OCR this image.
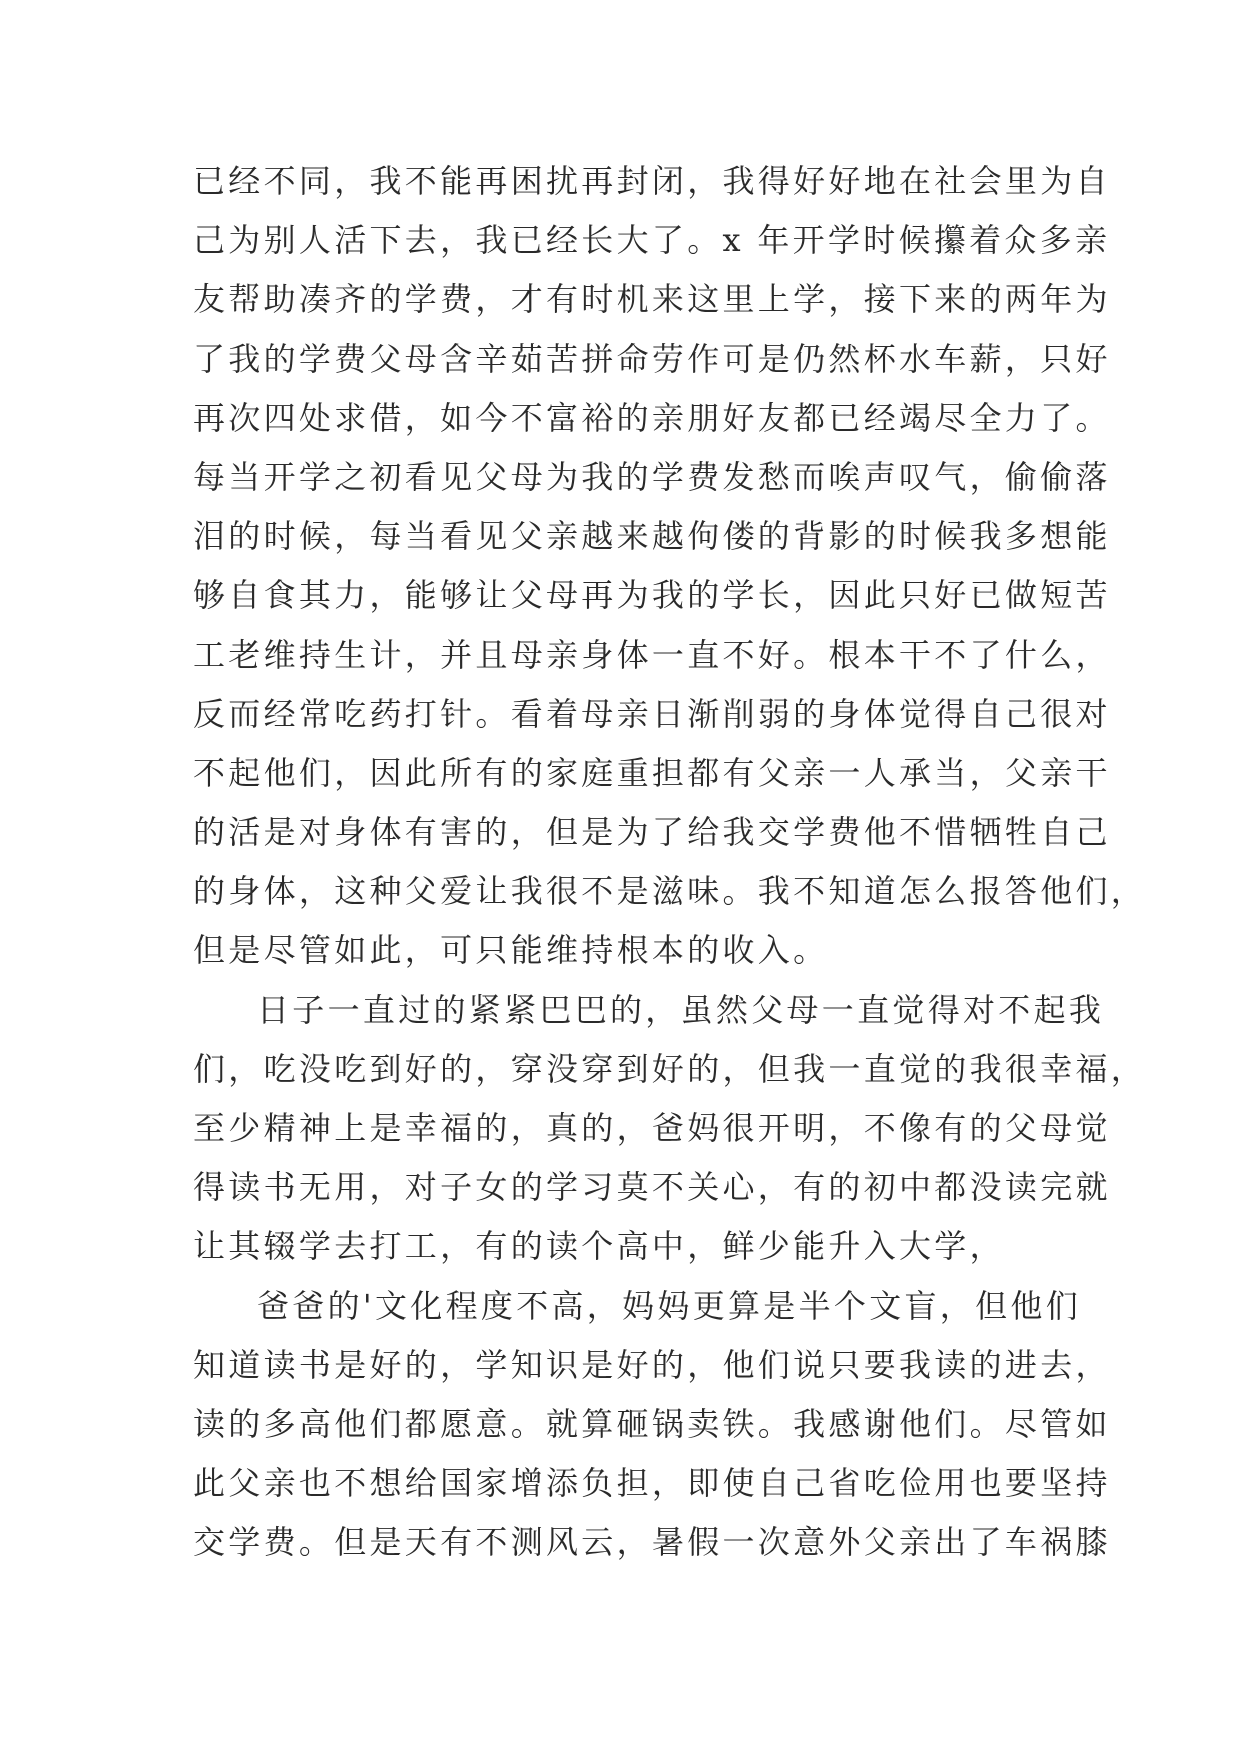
已经不同，我不能再困扰再封闭，我得好好地在社会里为自
己为别人活下去，我已经长大了。x 年开学时候攥着众多亲
友帮助凑齐的学费，才有时机来这里上学，接下来的两年为
了我的学费父母含辛茹苦拼命劳作可是仍然杯水车薪，只好
再次四处求借，如今不富裕的亲朋好友都已经竭尽全力了。
每当开学之初看见父母为我的学费发愁而唉声叹气，偷偷落
泪的时候，每当看见父亲越来越佝偻的背影的时候我多想能
够自食其力，能够让父母再为我的学长，因此只好已做短苦
工老维持生计，并且母亲身体一直不好。根本干不了什么，
反而经常吃药打针。看着母亲日渐削弱的身体觉得自己很对
不起他们，因此所有的家庭重担都有父亲一人承当，父亲干
的活是对身体有害的，但是为了给我交学费他不惜牺牲自己
的身体，这种父爱让我很不是滋味。我不知道怎么报答他们，
但是尽管如此，可只能维持根本的收入。
日子一直过的紧紧巴巴的，虽然父母一直觉得对不起我
们，吃没吃到好的，穿没穿到好的，但我一直觉的我很幸福，
至少精神上是幸福的，真的，爸妈很开明，不像有的父母觉
得读书无用，对子女的学习莫不关心，有的初中都没读完就
让其辍学去打工，有的读个高中，鲜少能升入大学，
爸爸的'文化程度不高，妈妈更算是半个文盲，但他们
知道读书是好的，学知识是好的，他们说只要我读的进去，
读的多高他们都愿意。就算砸锅卖铁。我感谢他们。尽管如
此父亲也不想给国家增添负担，即使自己省吃俭用也要坚持
交学费。但是天有不测风云，暑假一次意外父亲出了车祸膝
